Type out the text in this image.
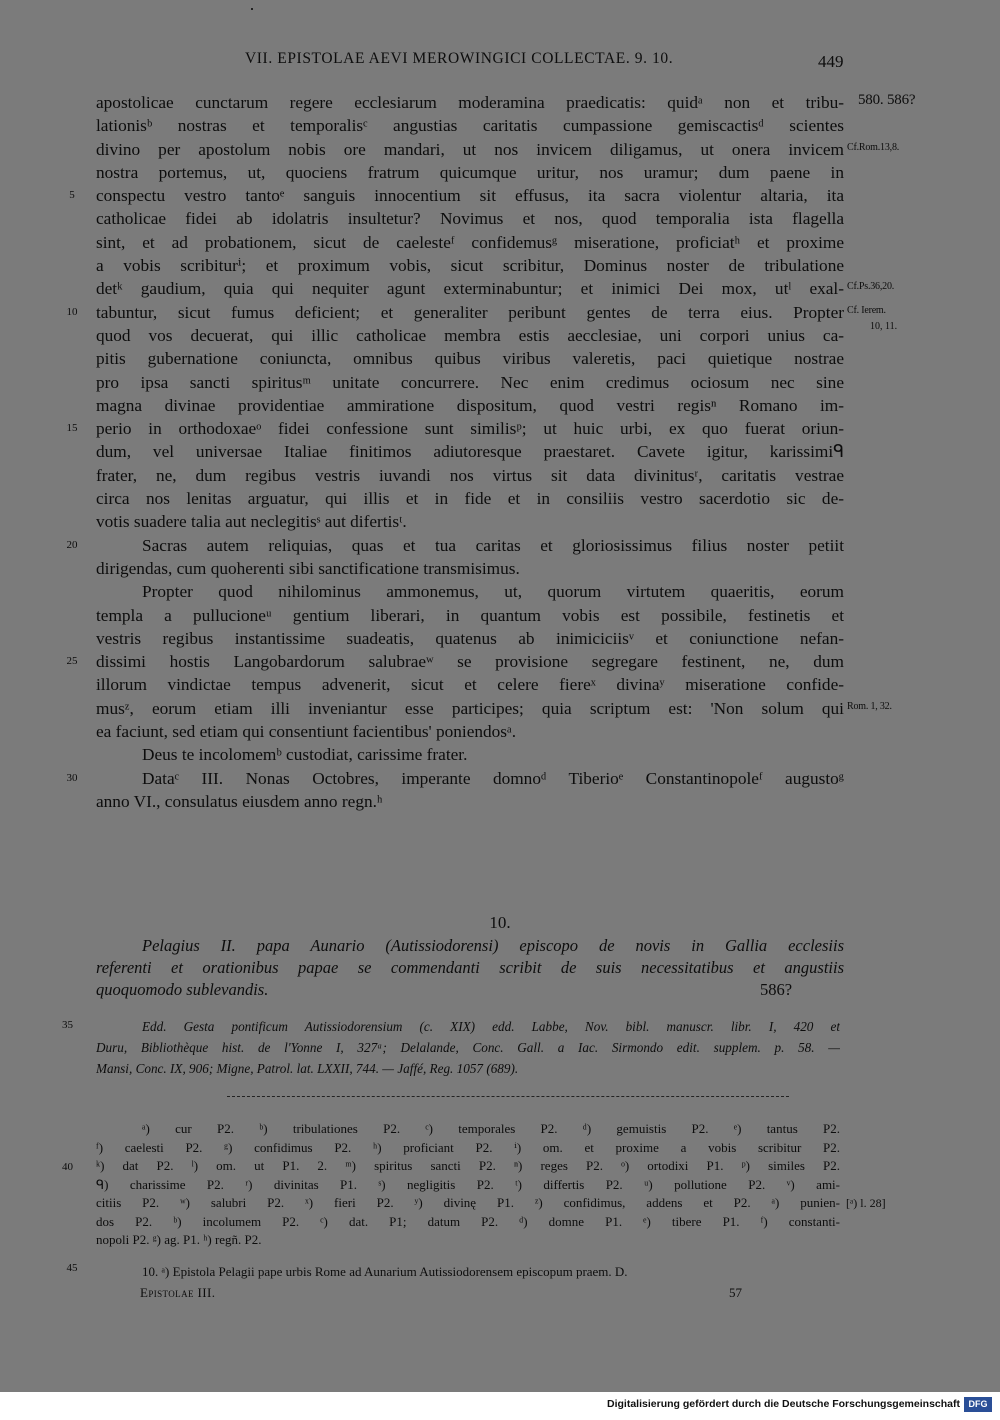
VII. EPISTOLAE AEVI MEROWINGICI COLLECTAE. 9. 10.	449
apostolicae cunctarum regere ecclesiarum moderamina praedicatis: quidᵃ non et tribu- 580. 586?
lationisᵇ nostras et temporalisᶜ angustias caritatis cumpassione gemiscactisᵈ scientes
divino per apostolum nobis ore mandari, ut nos invicem diligamus, ut onera invicem Cf.Rom.13,8.
nostra portemus, ut, quociens fratrum quicumque uritur, nos uramur; dum paene in
conspectu vestro tantoᵉ sanguis innocentium sit effusus, ita sacra violentur altaria, ita
5
catholicae fidei ab idolatris insultetur? Novimus et nos, quod temporalia ista flagella
sint, et ad probationem, sicut de caelesteᶠ confidemusᵍ miseratione, proficiatʰ et proxime
a vobis scribiturⁱ; et proximum vobis, sicut scribitur, Dominus noster de tribulatione
detᵏ gaudium, quia qui nequiter agunt exterminabuntur; et inimici Dei mox, utˡ exal- Cf.Ps.36,20.
tabuntur, sicut fumus deficient; et generaliter peribunt gentes de terra eius. Propter
10	Cf. Ierem.
10, 11.
quod vos decuerat, qui illic catholicae membra estis aecclesiae, uni corpori unius ca-
pitis gubernatione coniuncta, omnibus quibus viribus valeretis, paci quietique nostrae
pro ipsa sancti spiritusᵐ unitate concurrere. Nec enim credimus ociosum nec sine
magna divinae providentiae ammiratione dispositum, quod vestri regisⁿ Romano im-
perio in orthodoxaeᵒ fidei confessione sunt similisᵖ; ut huic urbi, ex quo fuerat oriun-
15
dum, vel universae Italiae finitimos adiutoresque praestaret. Cavete igitur, karissimiᑫ
frater, ne, dum regibus vestris iuvandi nos virtus sit data divinitusʳ, caritatis vestrae
circa nos lenitas arguatur, qui illis et in fide et in consiliis vestro sacerdotio sic de-
votis suadere talia aut neclegitisˢ aut difertisᵗ.
Sacras autem reliquias, quas et tua caritas et gloriosissimus filius noster petiit
20
dirigendas, cum quoherenti sibi sanctificatione transmisimus.
Propter quod nihilominus ammonemus, ut, quorum virtutem quaeritis, eorum
templa a pullucioneᵘ gentium liberari, in quantum vobis est possibile, festinetis et
vestris regibus instantissime suadeatis, quatenus ab inimiciciisᵛ et coniunctione nefan-
dissimi hostis Langobardorum salubraeʷ se provisione segregare festinent, ne, dum
25
illorum vindictae tempus advenerit, sicut et celere fiereˣ divinaʸ miseratione confide-
musᶻ, eorum etiam illi inveniantur esse participes; quia scriptum est: 'Non solum qui Rom. 1, 32.
ea faciunt, sed etiam qui consentiunt facientibus' poniendosᵃ.
Deus te incolomemᵇ custodiat, carissime frater.
Dataᶜ III. Nonas Octobres, imperante domnoᵈ Tiberioᵉ Constantinopoleᶠ augustoᵍ
30
anno VI., consulatus eiusdem anno regn.ʰ
10.
Pelagius II. papa Aunario (Autissiodorensi) episcopo de novis in Gallia ecclesiis
referenti et orationibus papae se commendanti scribit de suis necessitatibus et angustiis
quoquomodo sublevandis.	586?
Edd. Gesta pontificum Autissiodorensium (c. XIX) edd. Labbe, Nov. bibl. manuscr. libr. I, 420 et
35
Duru, Bibliothèque hist. de l'Yonne I, 327ᵃ; Delalande, Conc. Gall. a Iac. Sirmondo edit. supplem. p. 58. —
Mansi, Conc. IX, 906; Migne, Patrol. lat. LXXII, 744. — Jaffé, Reg. 1057 (689).
ᵃ) cur P2. ᵇ) tribulationes P2. ᶜ) temporales P2. ᵈ) gemuistis P2. ᵉ) tantus P2.
ᶠ) caelesti P2. ᵍ) confidimus P2. ʰ) proficiant P2. ⁱ) om. et proxime a vobis scribitur P2.
ᵏ) dat P2. ˡ) om. ut P1. 2. ᵐ) spiritus sancti P2. ⁿ) reges P2. ᵒ) ortodixi P1. ᵖ) similes P2.
40
ᑫ) charissime P2. ʳ) divinitas P1. ˢ) negligitis P2. ᵗ) differtis P2. ᵘ) pollutione P2. ᵛ) ami-
citiis P2. ʷ) salubri P2. ˣ) fieri P2. ʸ) divinę P1. ᶻ) confidimus, addens et P2. ᵃ) punien- [ᵃ) l. 28]
dos P2. ᵇ) incolumem P2. ᶜ) dat. P1; datum P2. ᵈ) domne P1. ᵉ) tibere P1. ᶠ) constanti-
nopoli P2. ᵍ) ag. P1. ʰ) regñ. P2.
45	10. ᵃ) Epistola Pelagii pape urbis Rome ad Aunarium Autissiodorensem episcopum praem. D.
Epistolae III.	57
Digitalisierung gefördert durch die Deutsche Forschungsgemeinschaft DFG
